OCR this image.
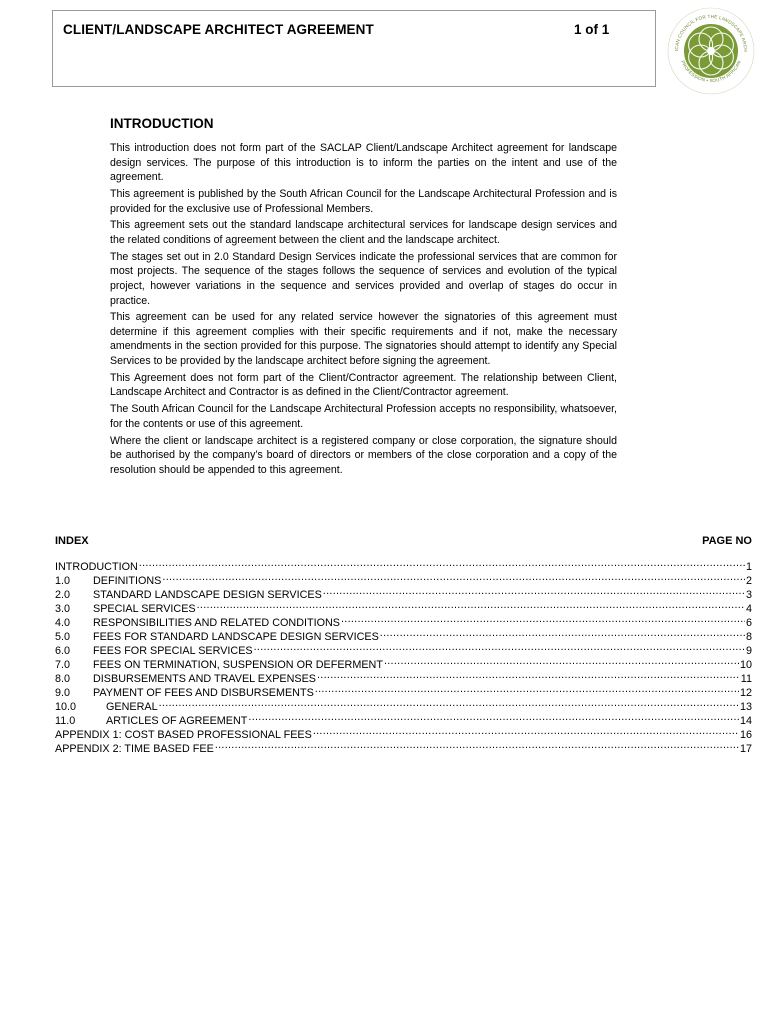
CLIENT/LANDSCAPE ARCHITECT AGREEMENT	1 of 1
ICAN COUNCIL FOR THE LANDSCAPE ARCH
PROFESSION • SOUTH AFRICAN
INTRODUCTION

This introduction does not form part of the SACLAP Client/Landscape Architect agreement for landscape design services. The purpose of this introduction is to inform the parties on the intent and use of the agreement.

This agreement is published by the South African Council for the Landscape Architectural Profession and is provided for the exclusive use of Professional Members.

This agreement sets out the standard landscape architectural services for landscape design services and the related conditions of agreement between the client and the landscape architect.

The stages set out in 2.0 Standard Design Services indicate the professional services that are common for most projects. The sequence of the stages follows the sequence of services and evolution of the typical project, however variations in the sequence and services provided and overlap of stages do occur in practice.

This agreement can be used for any related service however the signatories of this agreement must determine if this agreement complies with their specific requirements and if not, make the necessary amendments in the section provided for this purpose. The signatories should attempt to identify any Special Services to be provided by the landscape architect before signing the agreement.

This Agreement does not form part of the Client/Contractor agreement. The relationship between Client, Landscape Architect and Contractor is as defined in the Client/Contractor agreement.

The South African Council for the Landscape Architectural Profession accepts no responsibility, whatsoever, for the contents or use of this agreement.

Where the client or landscape architect is a registered company or close corporation, the signature should be authorised by the company’s board of directors or members of the close corporation and a copy of the resolution should be appended to this agreement.

INDEX	PAGE NO
INTRODUCTION .....	1
1.0	DEFINITIONS .....	2
2.0	STANDARD LANDSCAPE DESIGN SERVICES .....	3
3.0	SPECIAL SERVICES .....	4
4.0	RESPONSIBILITIES AND RELATED CONDITIONS .....	6
5.0	FEES FOR STANDARD LANDSCAPE DESIGN SERVICES .....	8
6.0	FEES FOR SPECIAL SERVICES .....	9
7.0	FEES ON TERMINATION, SUSPENSION OR DEFERMENT .....	10
8.0	DISBURSEMENTS AND TRAVEL EXPENSES .....	11
9.0	PAYMENT OF FEES AND DISBURSEMENTS .....	12
10.0	GENERAL .....	13
11.0	ARTICLES OF AGREEMENT .....	14
APPENDIX 1: COST BASED PROFESSIONAL FEES .....	16
APPENDIX 2: TIME BASED FEE .....	17
